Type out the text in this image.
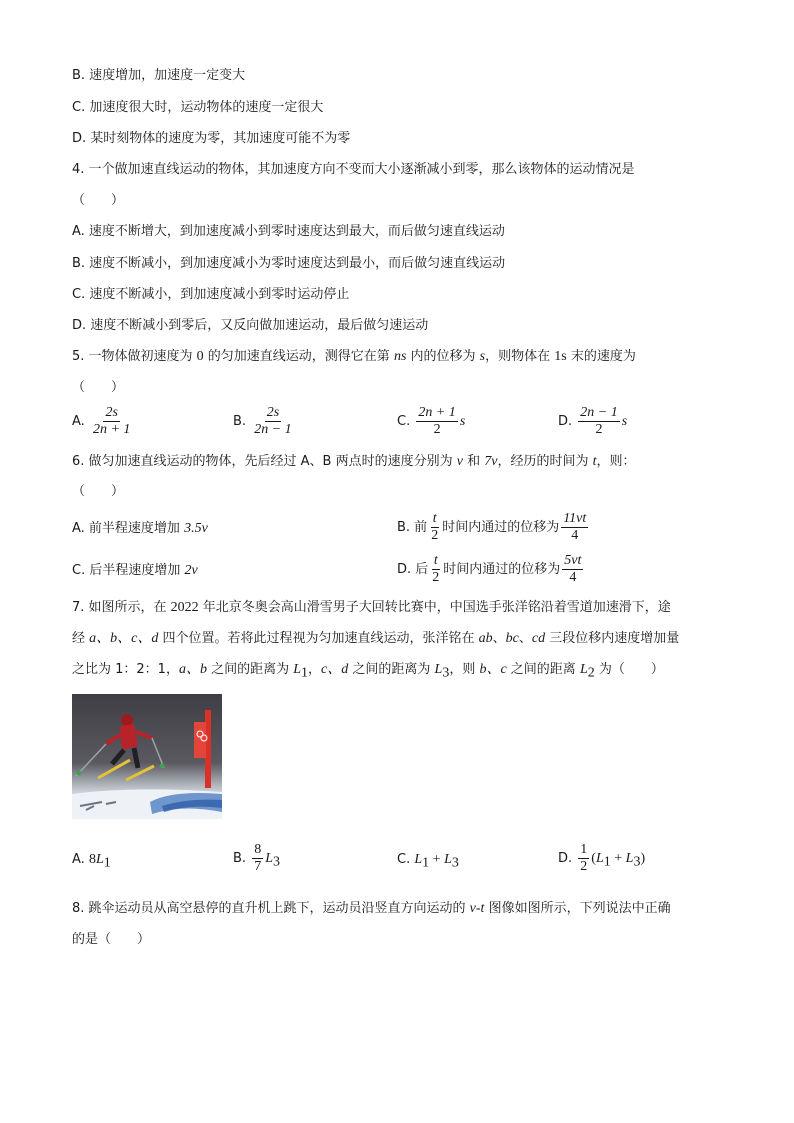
B. 速度增加，加速度一定变大
C. 加速度很大时，运动物体的速度一定很大
D. 某时刻物体的速度为零，其加速度可能不为零
4. 一个做加速直线运动的物体，其加速度方向不变而大小逐渐减小到零，那么该物体的运动情况是
（　　）
A. 速度不断增大，到加速度减小到零时速度达到最大，而后做匀速直线运动
B. 速度不断减小，到加速度减小为零时速度达到最小，而后做匀速直线运动
C. 速度不断减小，到加速度减小到零时运动停止
D. 速度不断减小到零后，又反向做加速运动，最后做匀速运动
5. 一物体做初速度为 0 的匀加速直线运动，测得它在第 ns 内的位移为 s，则物体在 1s 末的速度为
（　　）
A. $\frac{2s}{2n + 1}$	B. $\frac{2s}{2n - 1}$	C. $\frac{2n + 1}{2}$ s	D. $\frac{2n - 1}{2}$ s
6. 做匀加速直线运动的物体，先后经过 A、B 两点时的速度分别为 v 和 7v，经历的时间为 t，则：
（　　）
A. 前半程速度增加 3.5v	B. 前 $\frac{t}{2}$ 时间内通过的位移为 $\frac{11vt}{4}$
C. 后半程速度增加 2v	D. 后 $\frac{t}{2}$ 时间内通过的位移为 $\frac{5vt}{4}$
7. 如图所示，在 2022 年北京冬奥会高山滑雪男子大回转比赛中，中国选手张洋铭沿着雪道加速滑下，途
经 a、b、c、d 四个位置。若将此过程视为匀加速直线运动，张洋铭在 ab、bc、cd 三段位移内速度增加量
之比为 1：2：1，a、b 之间的距离为 $L_1$，c、d 之间的距离为 $L_3$，则 b、c 之间的距离 $L_2$ 为（　　）
A. $8L_1$	B. $\frac{8}{7} L_3$	C. $L_1 + L_3$	D. $\frac{1}{2} (L_1 + L_3)$
8. 跳伞运动员从高空悬停的直升机上跳下，运动员沿竖直方向运动的 v-t 图像如图所示，下列说法中正确
的是（　　）
